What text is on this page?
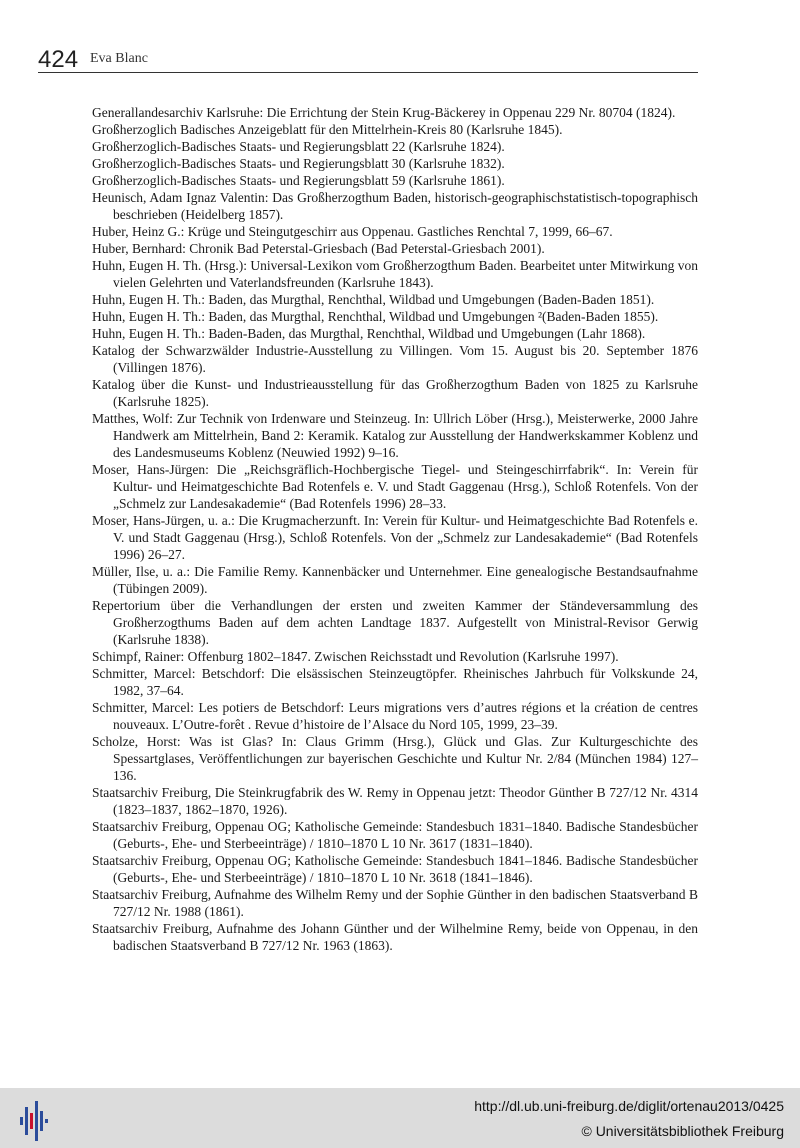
424 Eva Blanc

Generallandesarchiv Karlsruhe: Die Errichtung der Stein Krug-Bäckerey in Oppenau 229 Nr. 80704 (1824).

Großherzoglich Badisches Anzeigeblatt für den Mittelrhein-Kreis 80 (Karlsruhe 1845).

Großherzoglich-Badisches Staats- und Regierungsblatt 22 (Karlsruhe 1824).

Großherzoglich-Badisches Staats- und Regierungsblatt 30 (Karlsruhe 1832).

Großherzoglich-Badisches Staats- und Regierungsblatt 59 (Karlsruhe 1861).

Heunisch, Adam Ignaz Valentin: Das Großherzogthum Baden, historisch-geographischstatistisch-topographisch beschrieben (Heidelberg 1857).

Huber, Heinz G.: Krüge und Steingutgeschirr aus Oppenau. Gastliches Renchtal 7, 1999, 66–67.

Huber, Bernhard: Chronik Bad Peterstal-Griesbach (Bad Peterstal-Griesbach 2001).

Huhn, Eugen H. Th. (Hrsg.): Universal-Lexikon vom Großherzogthum Baden. Bearbeitet unter Mitwirkung von vielen Gelehrten und Vaterlandsfreunden (Karlsruhe 1843).

Huhn, Eugen H. Th.: Baden, das Murgthal, Renchthal, Wildbad und Umgebungen (Baden-Baden 1851).

Huhn, Eugen H. Th.: Baden, das Murgthal, Renchthal, Wildbad und Umgebungen ²(Baden-Baden 1855).

Huhn, Eugen H. Th.: Baden-Baden, das Murgthal, Renchthal, Wildbad und Umgebungen (Lahr 1868).

Katalog der Schwarzwälder Industrie-Ausstellung zu Villingen. Vom 15. August bis 20. September 1876 (Villingen 1876).

Katalog über die Kunst- und Industrieausstellung für das Großherzogthum Baden von 1825 zu Karlsruhe (Karlsruhe 1825).

Matthes, Wolf: Zur Technik von Irdenware und Steinzeug. In: Ullrich Löber (Hrsg.), Meisterwerke, 2000 Jahre Handwerk am Mittelrhein, Band 2: Keramik. Katalog zur Ausstellung der Handwerkskammer Koblenz und des Landesmuseums Koblenz (Neuwied 1992) 9–16.

Moser, Hans-Jürgen: Die „Reichsgräflich-Hochbergische Tiegel- und Steingeschirrfabrik“. In: Verein für Kultur- und Heimatgeschichte Bad Rotenfels e. V. und Stadt Gaggenau (Hrsg.), Schloß Rotenfels. Von der „Schmelz zur Landesakademie“ (Bad Rotenfels 1996) 28–33.

Moser, Hans-Jürgen, u. a.: Die Krugmacherzunft. In: Verein für Kultur- und Heimatgeschichte Bad Rotenfels e. V. und Stadt Gaggenau (Hrsg.), Schloß Rotenfels. Von der „Schmelz zur Landesakademie“ (Bad Rotenfels 1996) 26–27.

Müller, Ilse, u. a.: Die Familie Remy. Kannenbäcker und Unternehmer. Eine genealogische Bestandsaufnahme (Tübingen 2009).

Repertorium über die Verhandlungen der ersten und zweiten Kammer der Ständeversammlung des Großherzogthums Baden auf dem achten Landtage 1837. Aufgestellt von Ministral-Revisor Gerwig (Karlsruhe 1838).

Schimpf, Rainer: Offenburg 1802–1847. Zwischen Reichsstadt und Revolution (Karlsruhe 1997).

Schmitter, Marcel: Betschdorf: Die elsässischen Steinzeugtöpfer. Rheinisches Jahrbuch für Volkskunde 24, 1982, 37–64.

Schmitter, Marcel: Les potiers de Betschdorf: Leurs migrations vers d’autres régions et la création de centres nouveaux. L’Outre-forêt . Revue d’histoire de l’Alsace du Nord 105, 1999, 23–39.

Scholze, Horst: Was ist Glas? In: Claus Grimm (Hrsg.), Glück und Glas. Zur Kulturgeschichte des Spessartglases, Veröffentlichungen zur bayerischen Geschichte und Kultur Nr. 2/84 (München 1984) 127–136.

Staatsarchiv Freiburg, Die Steinkrugfabrik des W. Remy in Oppenau jetzt: Theodor Günther B 727/12 Nr. 4314 (1823–1837, 1862–1870, 1926).

Staatsarchiv Freiburg, Oppenau OG; Katholische Gemeinde: Standesbuch 1831–1840. Badische Standesbücher (Geburts-, Ehe- und Sterbeeinträge) / 1810–1870 L 10 Nr. 3617 (1831–1840).

Staatsarchiv Freiburg, Oppenau OG; Katholische Gemeinde: Standesbuch 1841–1846. Badische Standesbücher (Geburts-, Ehe- und Sterbeeinträge) / 1810–1870 L 10 Nr. 3618 (1841–1846).

Staatsarchiv Freiburg, Aufnahme des Wilhelm Remy und der Sophie Günther in den badischen Staatsverband B 727/12 Nr. 1988 (1861).

Staatsarchiv Freiburg, Aufnahme des Johann Günther und der Wilhelmine Remy, beide von Oppenau, in den badischen Staatsverband B 727/12 Nr. 1963 (1863).

http://dl.ub.uni-freiburg.de/diglit/ortenau2013/0425
© Universitätsbibliothek Freiburg
